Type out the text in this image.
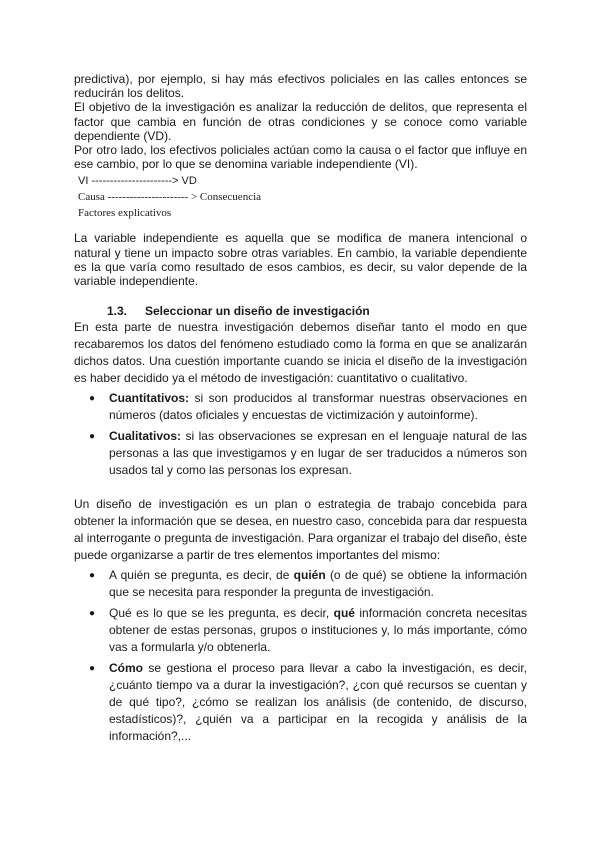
predictiva), por ejemplo, si hay más efectivos policiales en las calles entonces se reducirán los delitos.

El objetivo de la investigación es analizar la reducción de delitos, que representa el factor que cambia en función de otras condiciones y se conoce como variable dependiente (VD).

Por otro lado, los efectivos policiales actúan como la causa o el factor que influye en ese cambio, por lo que se denomina variable independiente (VI).

VI ----------------------> VD
Causa ---------------------- > Consecuencia
Factores explicativos

La variable independiente es aquella que se modifica de manera intencional o natural y tiene un impacto sobre otras variables. En cambio, la variable dependiente es la que varía como resultado de esos cambios, es decir, su valor depende de la variable independiente.

1.3. Seleccionar un diseño de investigación

En esta parte de nuestra investigación debemos diseñar tanto el modo en que recabaremos los datos del fenómeno estudiado como la forma en que se analizarán dichos datos. Una cuestión importante cuando se inicia el diseño de la investigación es haber decidido ya el método de investigación: cuantitativo o cualitativo.

● Cuantitativos: si son producidos al transformar nuestras observaciones en números (datos oficiales y encuestas de victimización y autoinforme).
● Cualitativos: si las observaciones se expresan en el lenguaje natural de las personas a las que investigamos y en lugar de ser traducidos a números son usados tal y como las personas los expresan.

Un diseño de investigación es un plan o estrategia de trabajo concebida para obtener la información que se desea, en nuestro caso, concebida para dar respuesta al interrogante o pregunta de investigación. Para organizar el trabajo del diseño, éste puede organizarse a partir de tres elementos importantes del mismo:

● A quién se pregunta, es decir, de quién (o de qué) se obtiene la información que se necesita para responder la pregunta de investigación.
● Qué es lo que se les pregunta, es decir, qué información concreta necesitas obtener de estas personas, grupos o instituciones y, lo más importante, cómo vas a formularla y/o obtenerla.
● Cómo se gestiona el proceso para llevar a cabo la investigación, es decir, ¿cuánto tiempo va a durar la investigación?, ¿con qué recursos se cuentan y de qué tipo?, ¿cómo se realizan los análisis (de contenido, de discurso, estadísticos)?, ¿quién va a participar en la recogida y análisis de la información?,...
